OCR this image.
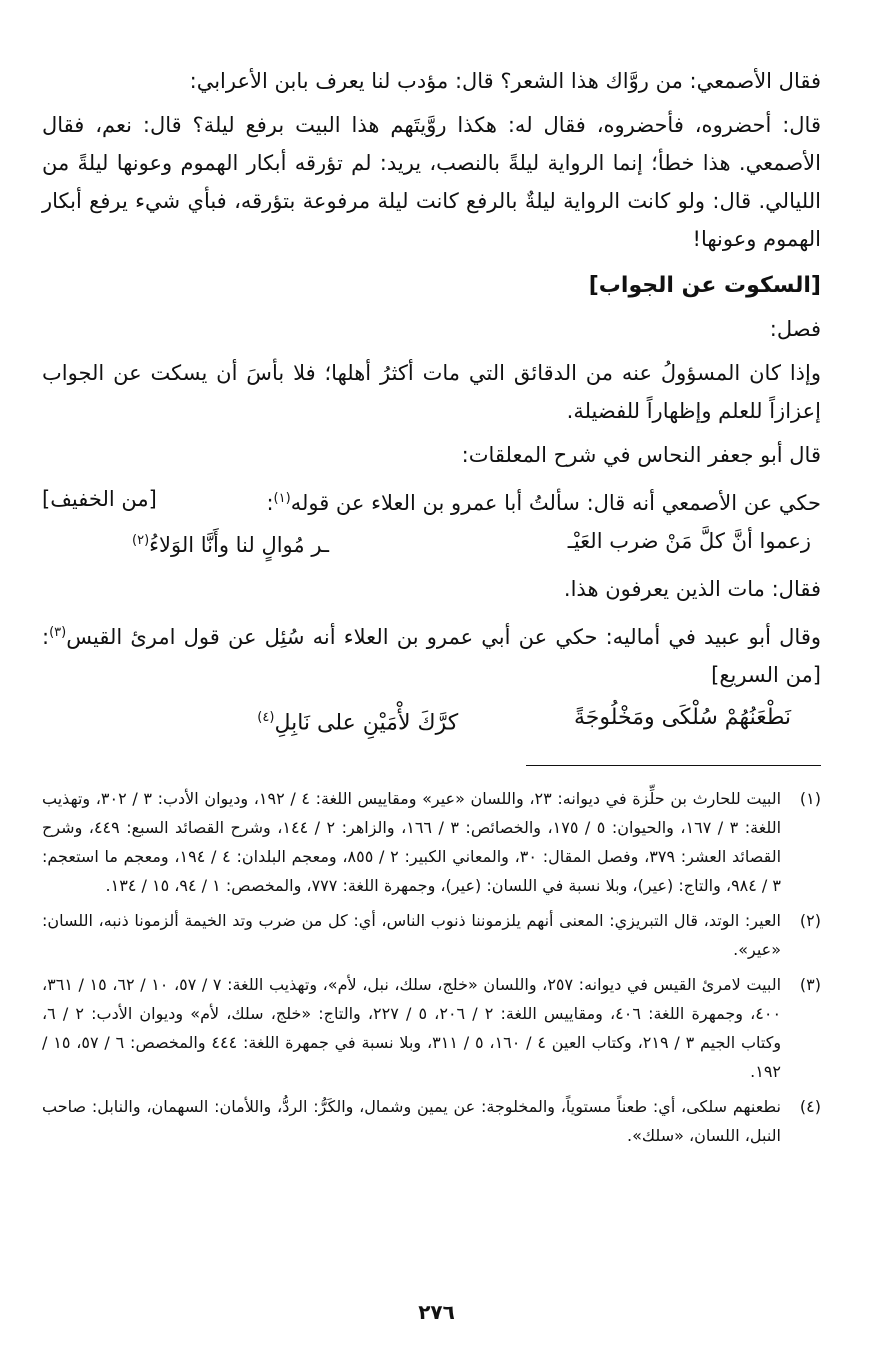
فقال الأصمعي: من روَّاك هذا الشعر؟ قال: مؤدب لنا يعرف بابن الأعرابي:

قال: أحضروه، فأحضروه، فقال له: هكذا روَّيتَهم هذا البيت برفع ليلة؟ قال: نعم، فقال الأصمعي. هذا خطأ؛ إنما الرواية ليلةً بالنصب، يريد: لم تؤرقه أبكار الهموم وعونها ليلةً من الليالي. قال: ولو كانت الرواية ليلةٌ بالرفع كانت ليلة مرفوعة بتؤرقه، فبأي شيء يرفع أبكار الهموم وعونها!

[السكوت عن الجواب]

فصل:

وإذا كان المسؤولُ عنه من الدقائق التي مات أكثرُ أهلها؛ فلا بأسَ أن يسكت عن الجواب إعزازاً للعلم وإظهاراً للفضيلة.

قال أبو جعفر النحاس في شرح المعلقات:

حكي عن الأصمعي أنه قال: سألتُ أبا عمرو بن العلاء عن قوله$^{(١)}$:
[من الخفيف]

زعموا أنَّ كلَّ مَنْ ضرب العَيْـ
ـر مُوالٍ لنا وأَنَّا الوَلاءُ$^{(٢)}$

فقال: مات الذين يعرفون هذا.

وقال أبو عبيد في أماليه: حكي عن أبي عمرو بن العلاء أنه سُئِل عن قول امرئ القيس$^{(٣)}$: [من السريع]

نَطْعَنُهُمْ سُلْكَى ومَخْلُوجَةً
كرَّكَ لأْمَيْنِ على نَابِلِ$^{(٤)}$
(١)
البيت للحارث بن حلِّزة في ديوانه: ٢٣، واللسان «عير» ومقاييس اللغة: ٤ / ١٩٢، وديوان الأدب: ٣ / ٣٠٢، وتهذيب اللغة: ٣ / ١٦٧، والحيوان: ٥ / ١٧٥، والخصائص: ٣ / ١٦٦، والزاهر: ٢ / ١٤٤، وشرح القصائد السبع: ٤٤٩، وشرح القصائد العشر: ٣٧٩، وفصل المقال: ٣٠، والمعاني الكبير: ٢ / ٨٥٥، ومعجم البلدان: ٤ / ١٩٤، ومعجم ما استعجم: ٣ / ٩٨٤، والتاج: (عير)، وبلا نسبة في اللسان: (عير)، وجمهرة اللغة: ٧٧٧، والمخصص: ١ / ٩٤، ١٥ / ١٣٤.
(٢)
العير: الوتد، قال التبريزي: المعنى أنهم يلزموننا ذنوب الناس، أي: كل من ضرب وتد الخيمة ألزمونا ذنبه، اللسان: «عير».
(٣)
البيت لامرئ القيس في ديوانه: ٢٥٧، واللسان «خلج، سلك، نبل، لأم»، وتهذيب اللغة: ٧ / ٥٧، ١٠ / ٦٢، ١٥ / ٣٦١، ٤٠٠، وجمهرة اللغة: ٤٠٦، ومقاييس اللغة: ٢ / ٢٠٦، ٥ / ٢٢٧، والتاج: «خلج، سلك، لأم» وديوان الأدب: ٢ / ٦، وكتاب الجيم ٣ / ٢١٩، وكتاب العين ٤ / ١٦٠، ٥ / ٣١١، وبلا نسبة في جمهرة اللغة: ٤٤٤ والمخصص: ٦ / ٥٧، ١٥ / ١٩٢.
(٤)
نطعنهم سلكى، أي: طعناً مستوياً، والمخلوجة: عن يمين وشمال، والكَرُّ: الردُّ، واللأمان: السهمان، والنابل: صاحب النبل، اللسان، «سلك».
٢٧٦
